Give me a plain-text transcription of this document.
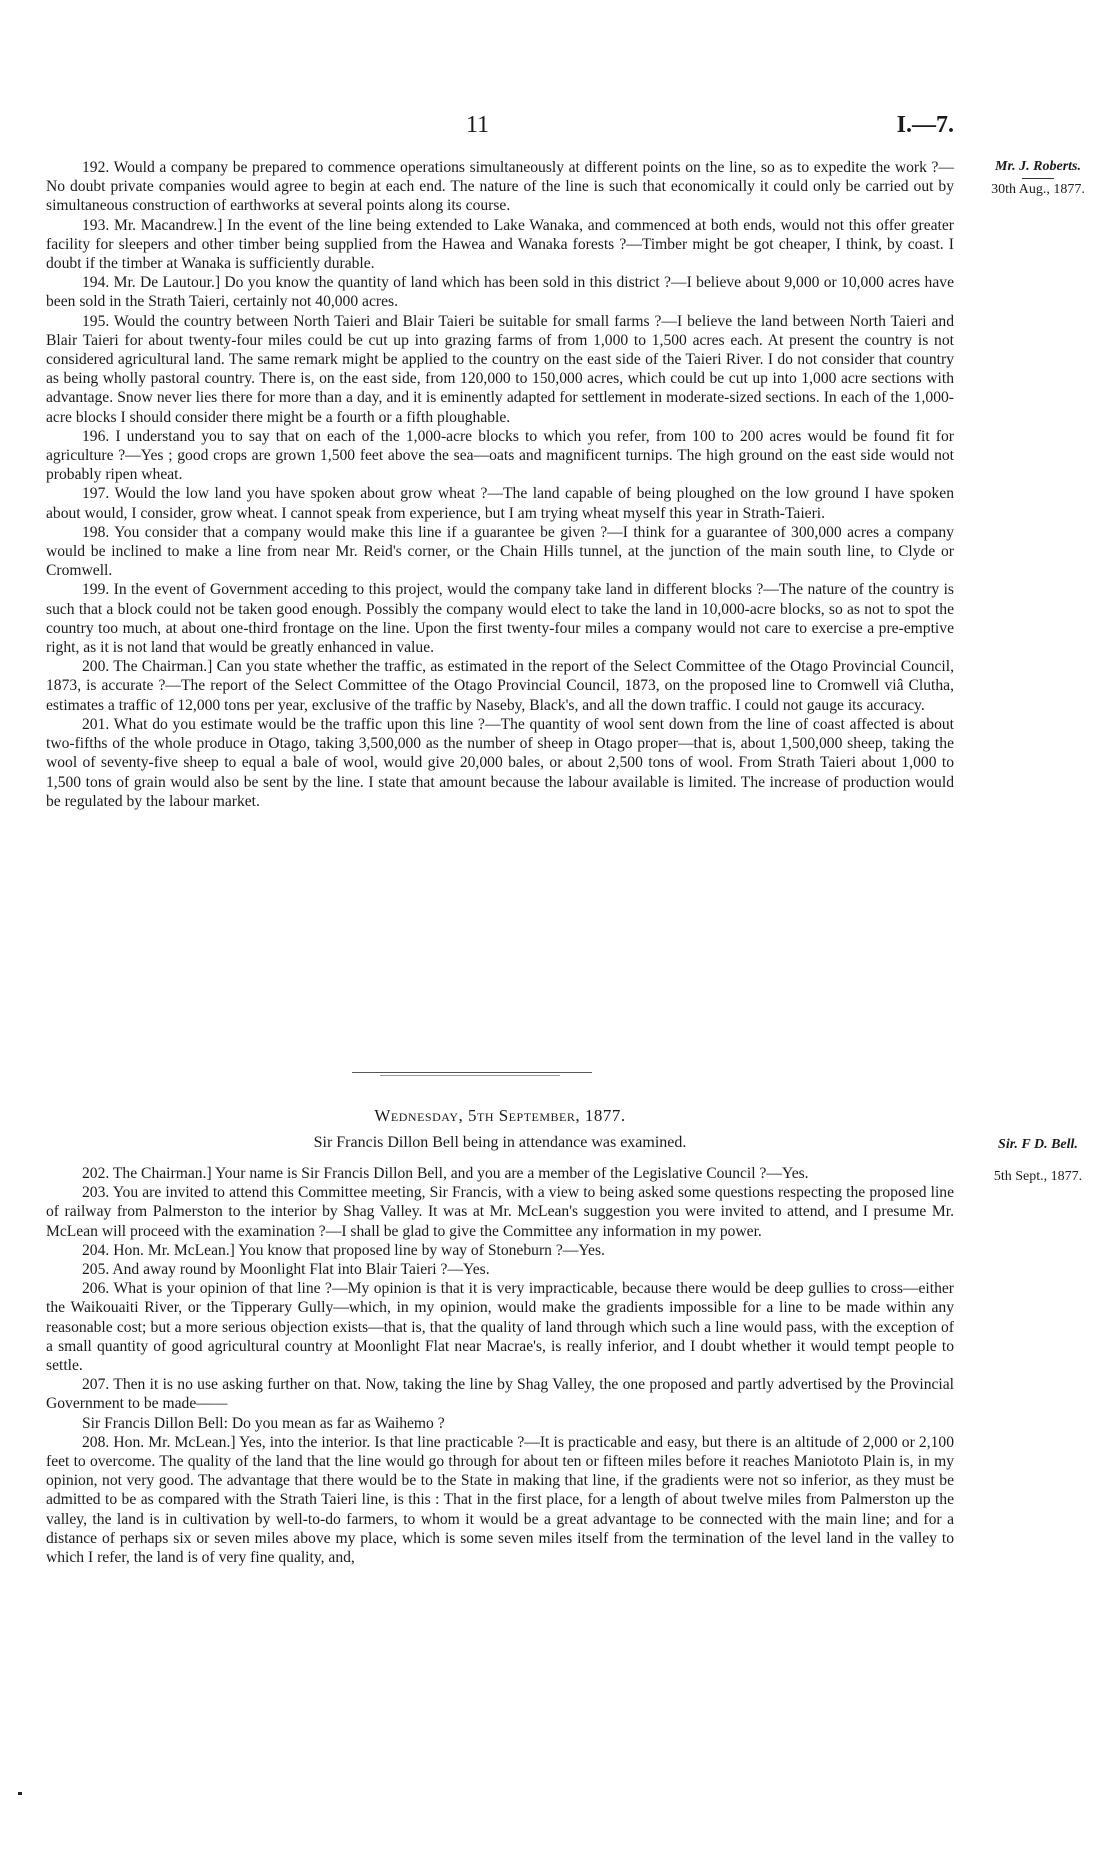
11	I.—7.
Mr. J. Roberts.
30th Aug., 1877.

192. Would a company be prepared to commence operations simultaneously at different points on the line, so as to expedite the work ?—No doubt private companies would agree to begin at each end. The nature of the line is such that economically it could only be carried out by simultaneous construction of earthworks at several points along its course.

193. Mr. Macandrew.] In the event of the line being extended to Lake Wanaka, and commenced at both ends, would not this offer greater facility for sleepers and other timber being supplied from the Hawea and Wanaka forests ?—Timber might be got cheaper, I think, by coast. I doubt if the timber at Wanaka is sufficiently durable.

194. Mr. De Lautour.] Do you know the quantity of land which has been sold in this district ?—I believe about 9,000 or 10,000 acres have been sold in the Strath Taieri, certainly not 40,000 acres.

195. Would the country between North Taieri and Blair Taieri be suitable for small farms ?—I believe the land between North Taieri and Blair Taieri for about twenty-four miles could be cut up into grazing farms of from 1,000 to 1,500 acres each. At present the country is not considered agricultural land. The same remark might be applied to the country on the east side of the Taieri River. I do not consider that country as being wholly pastoral country. There is, on the east side, from 120,000 to 150,000 acres, which could be cut up into 1,000 acre sections with advantage. Snow never lies there for more than a day, and it is eminently adapted for settlement in moderate-sized sections. In each of the 1,000-acre blocks I should consider there might be a fourth or a fifth ploughable.

196. I understand you to say that on each of the 1,000-acre blocks to which you refer, from 100 to 200 acres would be found fit for agriculture ?—Yes ; good crops are grown 1,500 feet above the sea—oats and magnificent turnips. The high ground on the east side would not probably ripen wheat.

197. Would the low land you have spoken about grow wheat ?—The land capable of being ploughed on the low ground I have spoken about would, I consider, grow wheat. I cannot speak from experience, but I am trying wheat myself this year in Strath-Taieri.

198. You consider that a company would make this line if a guarantee be given ?—I think for a guarantee of 300,000 acres a company would be inclined to make a line from near Mr. Reid's corner, or the Chain Hills tunnel, at the junction of the main south line, to Clyde or Cromwell.

199. In the event of Government acceding to this project, would the company take land in different blocks ?—The nature of the country is such that a block could not be taken good enough. Possibly the company would elect to take the land in 10,000-acre blocks, so as not to spot the country too much, at about one-third frontage on the line. Upon the first twenty-four miles a company would not care to exercise a pre-emptive right, as it is not land that would be greatly enhanced in value.

200. The Chairman.] Can you state whether the traffic, as estimated in the report of the Select Committee of the Otago Provincial Council, 1873, is accurate ?—The report of the Select Committee of the Otago Provincial Council, 1873, on the proposed line to Cromwell viâ Clutha, estimates a traffic of 12,000 tons per year, exclusive of the traffic by Naseby, Black's, and all the down traffic. I could not gauge its accuracy.

201. What do you estimate would be the traffic upon this line ?—The quantity of wool sent down from the line of coast affected is about two-fifths of the whole produce in Otago, taking 3,500,000 as the number of sheep in Otago proper—that is, about 1,500,000 sheep, taking the wool of seventy-five sheep to equal a bale of wool, would give 20,000 bales, or about 2,500 tons of wool. From Strath Taieri about 1,000 to 1,500 tons of grain would also be sent by the line. I state that amount because the labour available is limited. The increase of production would be regulated by the labour market.

Wednesday, 5th September, 1877.
Sir Francis Dillon Bell being in attendance was examined.	Sir. F D. Bell.
5th Sept., 1877.

202. The Chairman.] Your name is Sir Francis Dillon Bell, and you are a member of the Legislative Council ?—Yes.

203. You are invited to attend this Committee meeting, Sir Francis, with a view to being asked some questions respecting the proposed line of railway from Palmerston to the interior by Shag Valley. It was at Mr. McLean's suggestion you were invited to attend, and I presume Mr. McLean will proceed with the examination ?—I shall be glad to give the Committee any information in my power.

204. Hon. Mr. McLean.] You know that proposed line by way of Stoneburn ?—Yes.

205. And away round by Moonlight Flat into Blair Taieri ?—Yes.

206. What is your opinion of that line ?—My opinion is that it is very impracticable, because there would be deep gullies to cross—either the Waikouaiti River, or the Tipperary Gully—which, in my opinion, would make the gradients impossible for a line to be made within any reasonable cost; but a more serious objection exists—that is, that the quality of land through which such a line would pass, with the exception of a small quantity of good agricultural country at Moonlight Flat near Macrae's, is really inferior, and I doubt whether it would tempt people to settle.

207. Then it is no use asking further on that. Now, taking the line by Shag Valley, the one proposed and partly advertised by the Provincial Government to be made——

Sir Francis Dillon Bell: Do you mean as far as Waihemo ?

208. Hon. Mr. McLean.] Yes, into the interior. Is that line practicable ?—It is practicable and easy, but there is an altitude of 2,000 or 2,100 feet to overcome. The quality of the land that the line would go through for about ten or fifteen miles before it reaches Maniototo Plain is, in my opinion, not very good. The advantage that there would be to the State in making that line, if the gradients were not so inferior, as they must be admitted to be as compared with the Strath Taieri line, is this : That in the first place, for a length of about twelve miles from Palmerston up the valley, the land is in cultivation by well-to-do farmers, to whom it would be a great advantage to be connected with the main line; and for a distance of perhaps six or seven miles above my place, which is some seven miles itself from the termination of the level land in the valley to which I refer, the land is of very fine quality, and,
